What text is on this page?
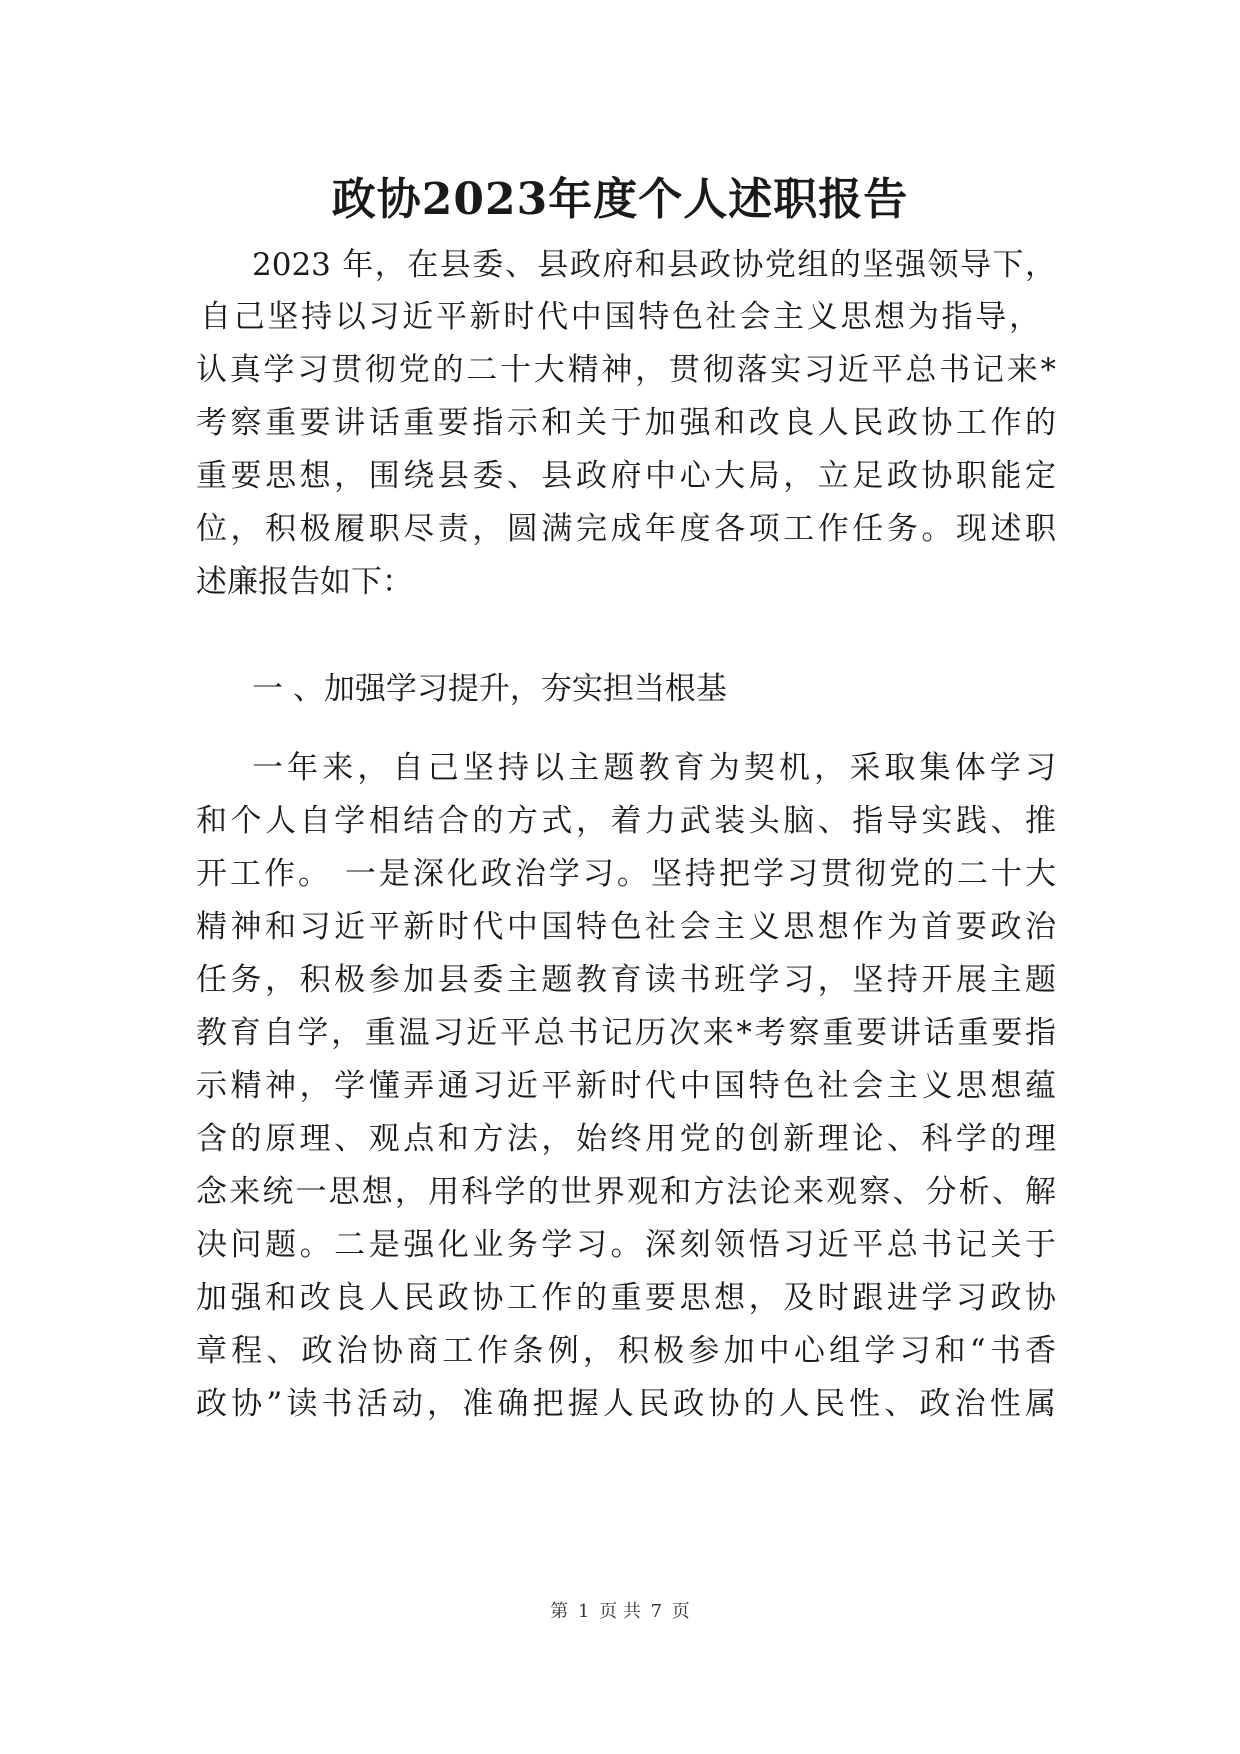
政协2023年度个人述职报告
2023 年，在县委、县政府和县政协党组的坚强领导下，
自己坚持以习近平新时代中国特色社会主义思想为指导，
认真学习贯彻党的二十大精神，贯彻落实习近平总书记来*
考察重要讲话重要指示和关于加强和改良人民政协工作的
重要思想，围绕县委、县政府中心大局，立足政协职能定
位，积极履职尽责，圆满完成年度各项工作任务。现述职
述廉报告如下：
一 、加强学习提升，夯实担当根基
一年来，自己坚持以主题教育为契机，采取集体学习
和个人自学相结合的方式，着力武装头脑、指导实践、推
开工作。 一是深化政治学习。坚持把学习贯彻党的二十大
精神和习近平新时代中国特色社会主义思想作为首要政治
任务，积极参加县委主题教育读书班学习，坚持开展主题
教育自学，重温习近平总书记历次来*考察重要讲话重要指
示精神，学懂弄通习近平新时代中国特色社会主义思想蕴
含的原理、观点和方法，始终用党的创新理论、科学的理
念来统一思想，用科学的世界观和方法论来观察、分析、解
决问题。二是强化业务学习。深刻领悟习近平总书记关于
加强和改良人民政协工作的重要思想，及时跟进学习政协
章程、政治协商工作条例，积极参加中心组学习和“书香
政协”读书活动，准确把握人民政协的人民性、政治性属
第 1 页 共 7 页
